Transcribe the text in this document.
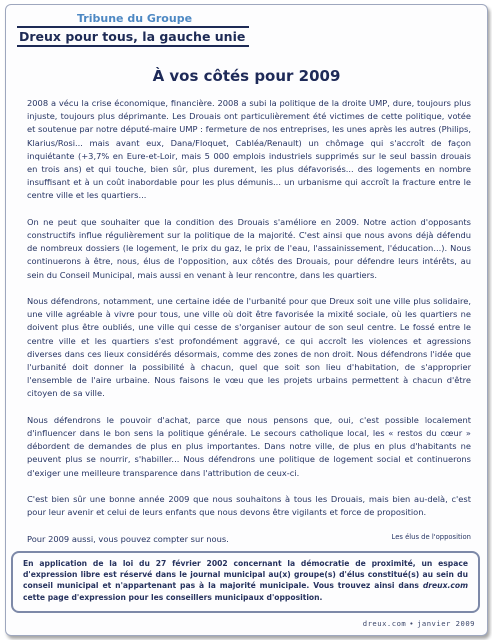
Tribune du Groupe
Dreux pour tous, la gauche unie
À vos côtés pour 2009

2008 a vécu la crise économique, financière. 2008 a subi la politique de la droite UMP, dure, toujours plus injuste, toujours plus déprimante. Les Drouais ont particulièrement été victimes de cette politique, votée et soutenue par notre député-maire UMP : fermeture de nos entreprises, les unes après les autres (Philips, Klarius/Rosi... mais avant eux, Dana/Floquet, Cabléa/Renault) un chômage qui s'accroît de façon inquiétante (+3,7% en Eure-et-Loir, mais 5 000 emplois industriels supprimés sur le seul bassin drouais en trois ans) et qui touche, bien sûr, plus durement, les plus défavorisés... des logements en nombre insuffisant et à un coût inabordable pour les plus démunis... un urbanisme qui accroît la fracture entre le centre ville et les quartiers...

On ne peut que souhaiter que la condition des Drouais s'améliore en 2009. Notre action d'opposants constructifs influe régulièrement sur la politique de la majorité. C'est ainsi que nous avons déjà défendu de nombreux dossiers (le logement, le prix du gaz, le prix de l'eau, l'assainissement, l'éducation...). Nous continuerons à être, nous, élus de l'opposition, aux côtés des Drouais, pour défendre leurs intérêts, au sein du Conseil Municipal, mais aussi en venant à leur rencontre, dans les quartiers.

Nous défendrons, notamment, une certaine idée de l'urbanité pour que Dreux soit une ville plus solidaire, une ville agréable à vivre pour tous, une ville où doit être favorisée la mixité sociale, où les quartiers ne doivent plus être oubliés, une ville qui cesse de s'organiser autour de son seul centre. Le fossé entre le centre ville et les quartiers s'est profondément aggravé, ce qui accroît les violences et agressions diverses dans ces lieux considérés désormais, comme des zones de non droit. Nous défendrons l'idée que l'urbanité doit donner la possibilité à chacun, quel que soit son lieu d'habitation, de s'approprier l'ensemble de l'aire urbaine. Nous faisons le vœu que les projets urbains permettent à chacun d'être citoyen de sa ville.

Nous défendrons le pouvoir d'achat, parce que nous pensons que, oui, c'est possible localement d'influencer dans le bon sens la politique générale. Le secours catholique local, les « restos du cœur » débordent de demandes de plus en plus importantes. Dans notre ville, de plus en plus d'habitants ne peuvent plus se nourrir, s'habiller... Nous défendrons une politique de logement social et continuerons d'exiger une meilleure transparence dans l'attribution de ceux-ci.

C'est bien sûr une bonne année 2009 que nous souhaitons à tous les Drouais, mais bien au-delà, c'est pour leur avenir et celui de leurs enfants que nous devons être vigilants et force de proposition.

Pour 2009 aussi, vous pouvez compter sur nous.	Les élus de l'opposition
En application de la loi du 27 février 2002 concernant la démocratie de proximité, un espace d'expression libre est réservé dans le journal municipal au(x) groupe(s) d'élus constitué(s) au sein du conseil municipal et n'appartenant pas à la majorité municipale. Vous trouvez ainsi dans dreux.com cette page d'expression pour les conseillers municipaux d'opposition.
dreux.com • janvier 2009
